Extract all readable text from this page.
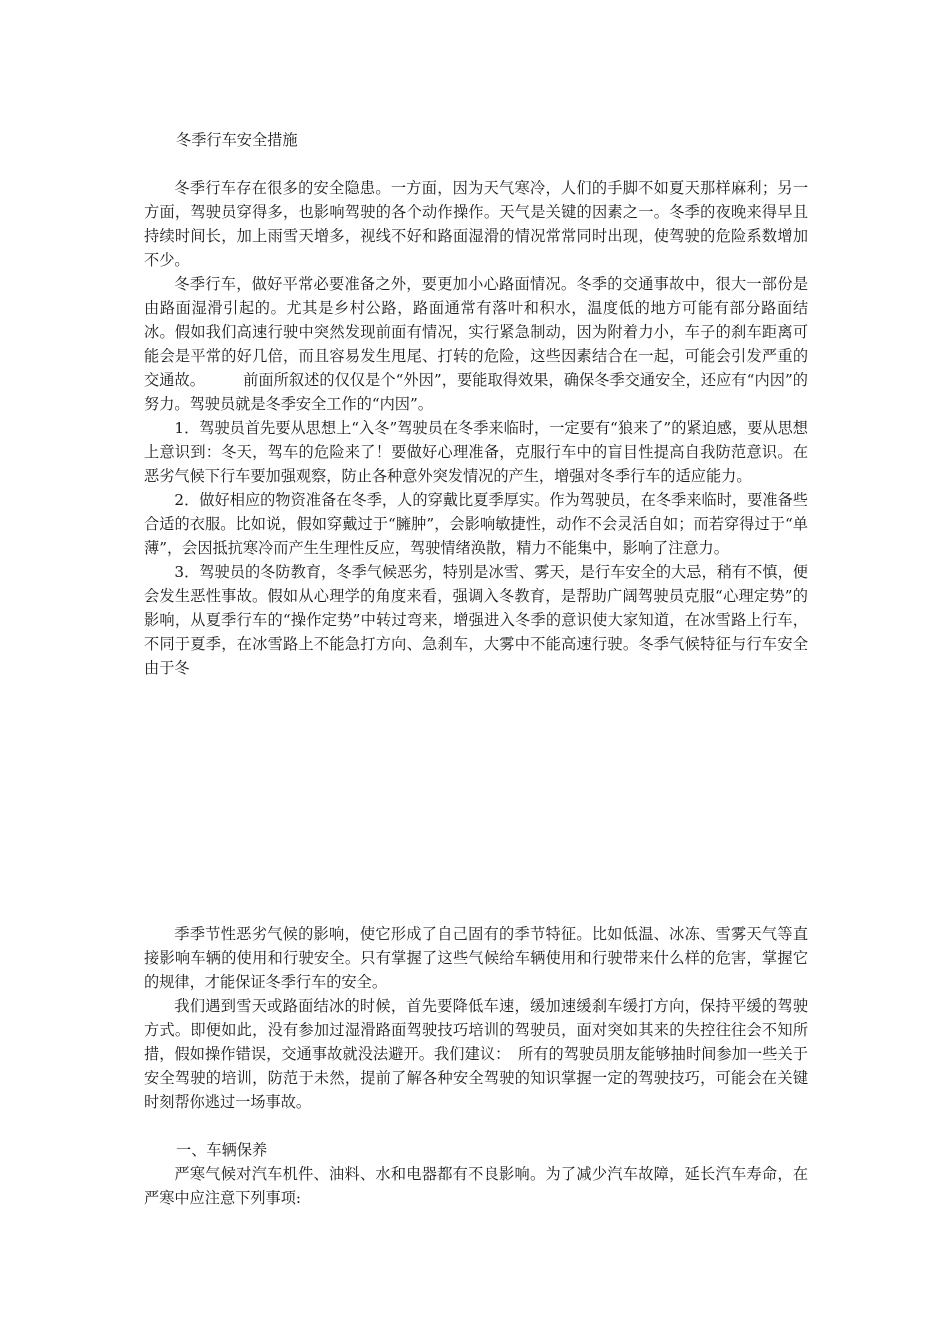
冬季行车安全措施

冬季行车存在很多的安全隐患。一方面，因为天气寒冷，人们的手脚不如夏天那样麻利；另一方面，驾驶员穿得多，也影响驾驶的各个动作操作。天气是关键的因素之一。冬季的夜晚来得早且持续时间长，加上雨雪天增多，视线不好和路面湿滑的情况常常同时出现，使驾驶的危险系数增加不少。

冬季行车，做好平常必要准备之外，要更加小心路面情况。冬季的交通事故中，很大一部份是由路面湿滑引起的。尤其是乡村公路，路面通常有落叶和积水，温度低的地方可能有部分路面结冰。假如我们高速行驶中突然发现前面有情况，实行紧急制动，因为附着力小，车子的刹车距离可能会是平常的好几倍，而且容易发生甩尾、打转的危险，这些因素结合在一起，可能会引发严重的交通故。　　　前面所叙述的仅仅是个“外因”，要能取得效果，确保冬季交通安全，还应有“内因”的努力。驾驶员就是冬季安全工作的“内因”。

1．驾驶员首先要从思想上“入冬”驾驶员在冬季来临时，一定要有“狼来了”的紧迫感，要从思想上意识到：冬天，驾车的危险来了！要做好心理准备，克服行车中的盲目性提高自我防范意识。在恶劣气候下行车要加强观察，防止各种意外突发情况的产生，增强对冬季行车的适应能力。

2．做好相应的物资准备在冬季，人的穿戴比夏季厚实。作为驾驶员，在冬季来临时，要准备些合适的衣服。比如说，假如穿戴过于“臃肿”，会影响敏捷性，动作不会灵活自如；而若穿得过于“单薄”，会因抵抗寒冷而产生生理性反应，驾驶情绪涣散，精力不能集中，影响了注意力。

3．驾驶员的冬防教育，冬季气候恶劣，特别是冰雪、雾天，是行车安全的大忌，稍有不慎，便会发生恶性事故。假如从心理学的角度来看，强调入冬教育，是帮助广阔驾驶员克服“心理定势”的影响，从夏季行车的“操作定势”中转过弯来，增强进入冬季的意识使大家知道，在冰雪路上行车，不同于夏季，在冰雪路上不能急打方向、急刹车，大雾中不能高速行驶。冬季气候特征与行车安全由于冬

季季节性恶劣气候的影响，使它形成了自己固有的季节特征。比如低温、冰冻、雪雾天气等直接影响车辆的使用和行驶安全。只有掌握了这些气候给车辆使用和行驶带来什么样的危害，掌握它的规律，才能保证冬季行车的安全。

我们遇到雪天或路面结冰的时候，首先要降低车速，缓加速缓刹车缓打方向，保持平缓的驾驶方式。即便如此，没有参加过湿滑路面驾驶技巧培训的驾驶员，面对突如其来的失控往往会不知所措，假如操作错误，交通事故就没法避开。我们建议：　所有的驾驶员朋友能够抽时间参加一些关于安全驾驶的培训，防范于未然，提前了解各种安全驾驶的知识掌握一定的驾驶技巧，可能会在关键时刻帮你逃过一场事故。

一、车辆保养

严寒气候对汽车机件、油料、水和电器都有不良影响。为了减少汽车故障，延长汽车寿命，在严寒中应注意下列事项:
